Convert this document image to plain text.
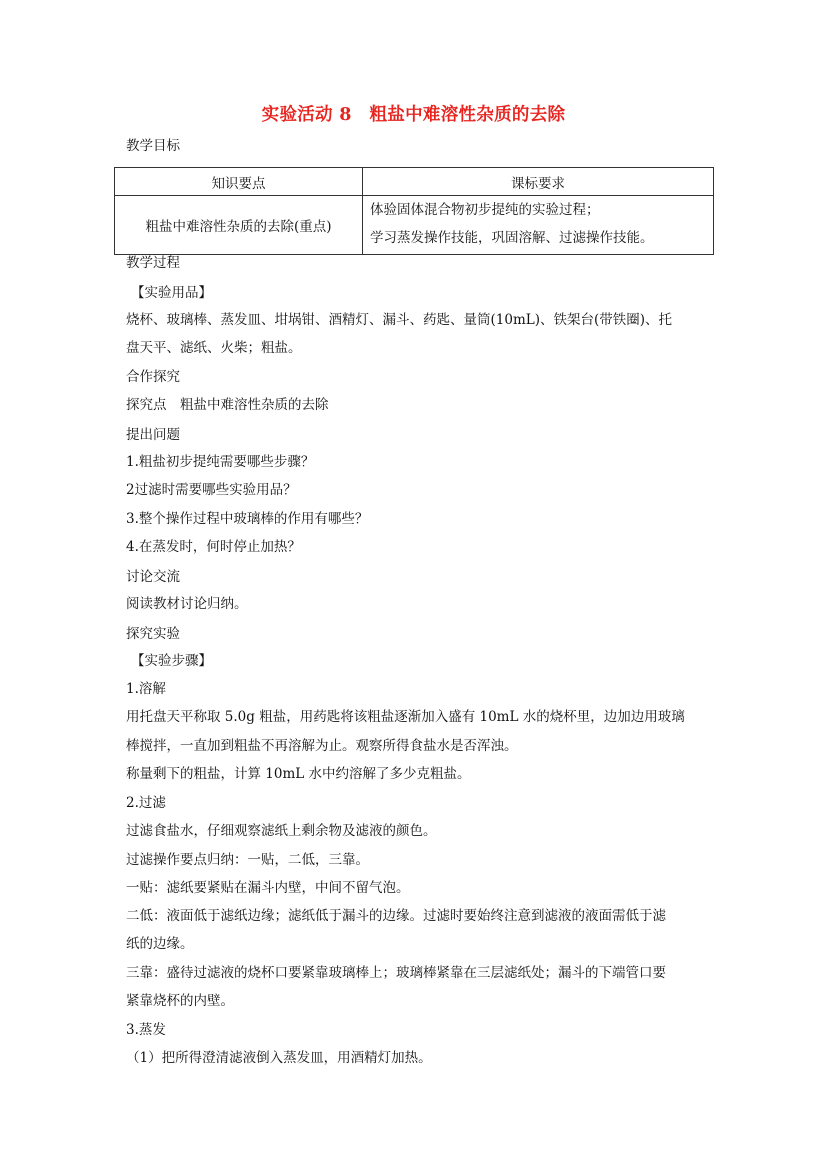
实验活动 8　粗盐中难溶性杂质的去除
教学目标
知识要点	课标要求
粗盐中难溶性杂质的去除(重点)	体验固体混合物初步提纯的实验过程；
学习蒸发操作技能，巩固溶解、过滤操作技能。
教学过程
【实验用品】
烧杯、玻璃棒、蒸发皿、坩埚钳、酒精灯、漏斗、药匙、量筒(10mL)、铁架台(带铁圈)、托
盘天平、滤纸、火柴；粗盐。
合作探究
探究点　粗盐中难溶性杂质的去除
提出问题
1.粗盐初步提纯需要哪些步骤？
2过滤时需要哪些实验用品？
3.整个操作过程中玻璃棒的作用有哪些？
4.在蒸发时，何时停止加热？
讨论交流
阅读教材讨论归纳。
探究实验
【实验步骤】
1.溶解
用托盘天平称取 5.0g 粗盐，用药匙将该粗盐逐渐加入盛有 10mL 水的烧杯里，边加边用玻璃
棒搅拌，一直加到粗盐不再溶解为止。观察所得食盐水是否浑浊。
称量剩下的粗盐，计算 10mL 水中约溶解了多少克粗盐。
2.过滤
过滤食盐水，仔细观察滤纸上剩余物及滤液的颜色。
过滤操作要点归纳：一贴，二低，三靠。
一贴：滤纸要紧贴在漏斗内壁，中间不留气泡。
二低：液面低于滤纸边缘；滤纸低于漏斗的边缘。过滤时要始终注意到滤液的液面需低于滤
纸的边缘。
三靠：盛待过滤液的烧杯口要紧靠玻璃棒上；玻璃棒紧靠在三层滤纸处；漏斗的下端管口要
紧靠烧杯的内壁。
3.蒸发
（1）把所得澄清滤液倒入蒸发皿，用酒精灯加热。
